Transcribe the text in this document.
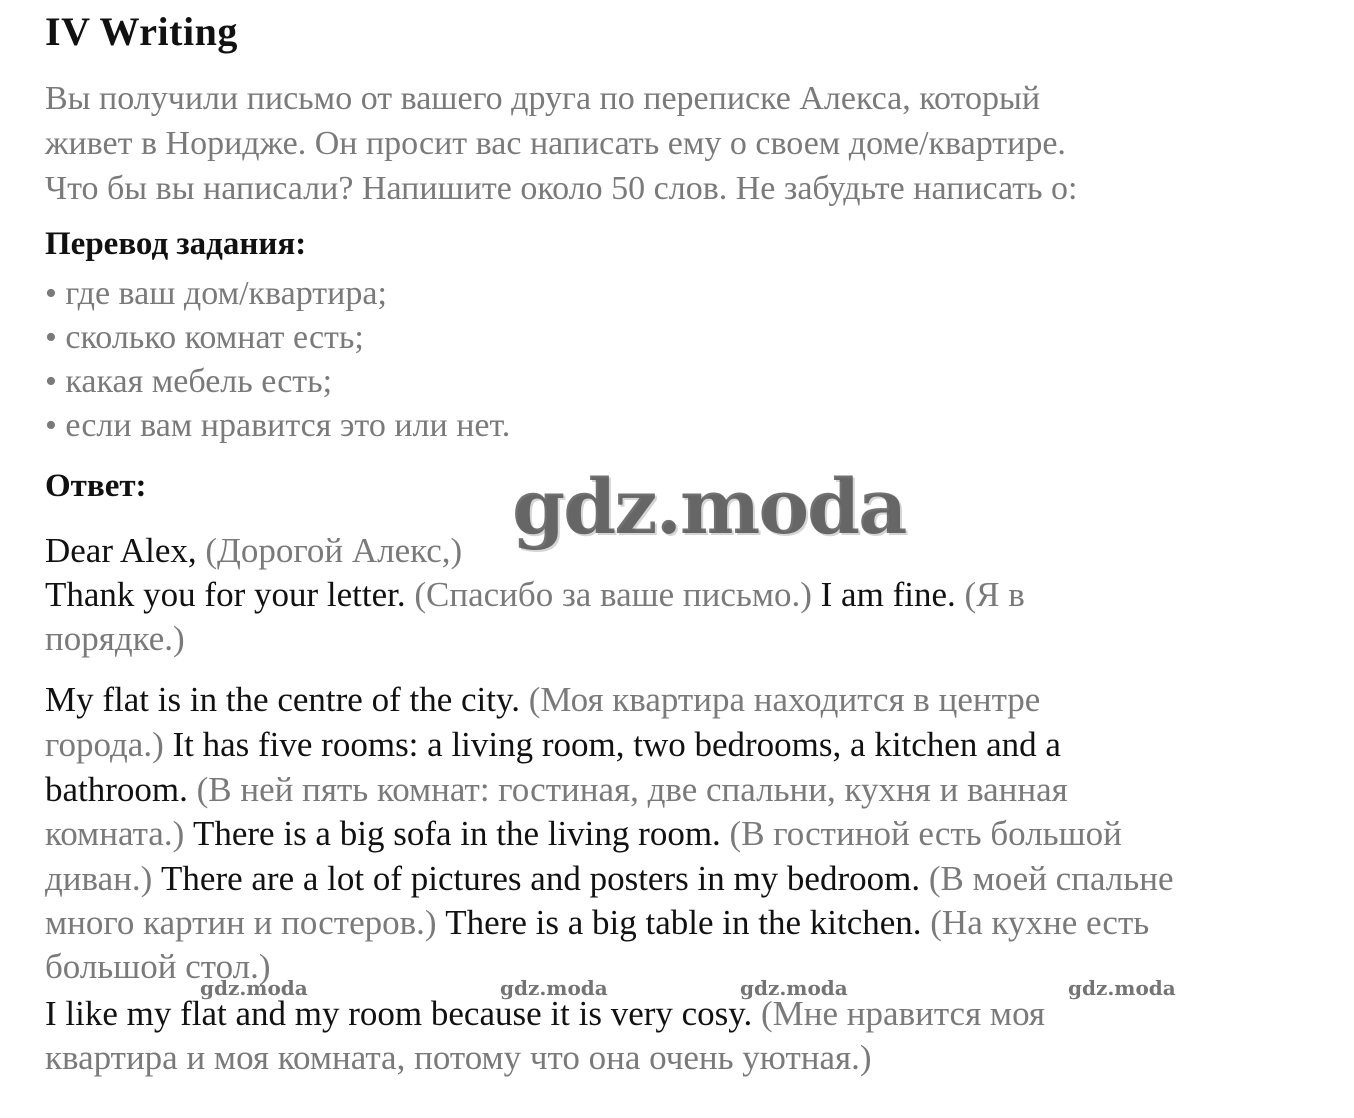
IV Writing
Вы получили письмо от вашего друга по переписке Алекса, который
живет в Нoридже. Он просит вас написать ему о своем доме/квартире.
Что бы вы написали? Напишите около 50 слов. Не забудьте написать о:
Перевод задания:
• где ваш дом/квартира;
• сколько комнат есть;
• какая мебель есть;
• если вам нравится это или нет.
Ответ:
Dear Alex, (Дорогой Алекс,)
Thank you for your letter. (Спасибо за ваше письмо.) I am fine. (Я в
порядке.)
My flat is in the centre of the city. (Моя квартира находится в центре
города.) It has five rooms: a living room, two bedrooms, a kitchen and a
bathroom. (В ней пять комнат: гостиная, две спальни, кухня и ванная
комната.) There is a big sofa in the living room. (В гостиной есть большой
диван.) There are a lot of pictures and posters in my bedroom. (В моей спальне
много картин и постеров.) There is a big table in the kitchen. (На кухне есть
большой стол.)
I like my flat and my room because it is very cosy. (Мне нравится моя
квартира и моя комната, потому что она очень уютная.)
gdz.moda
gdz.moda	gdz.moda	gdz.moda	gdz.moda
